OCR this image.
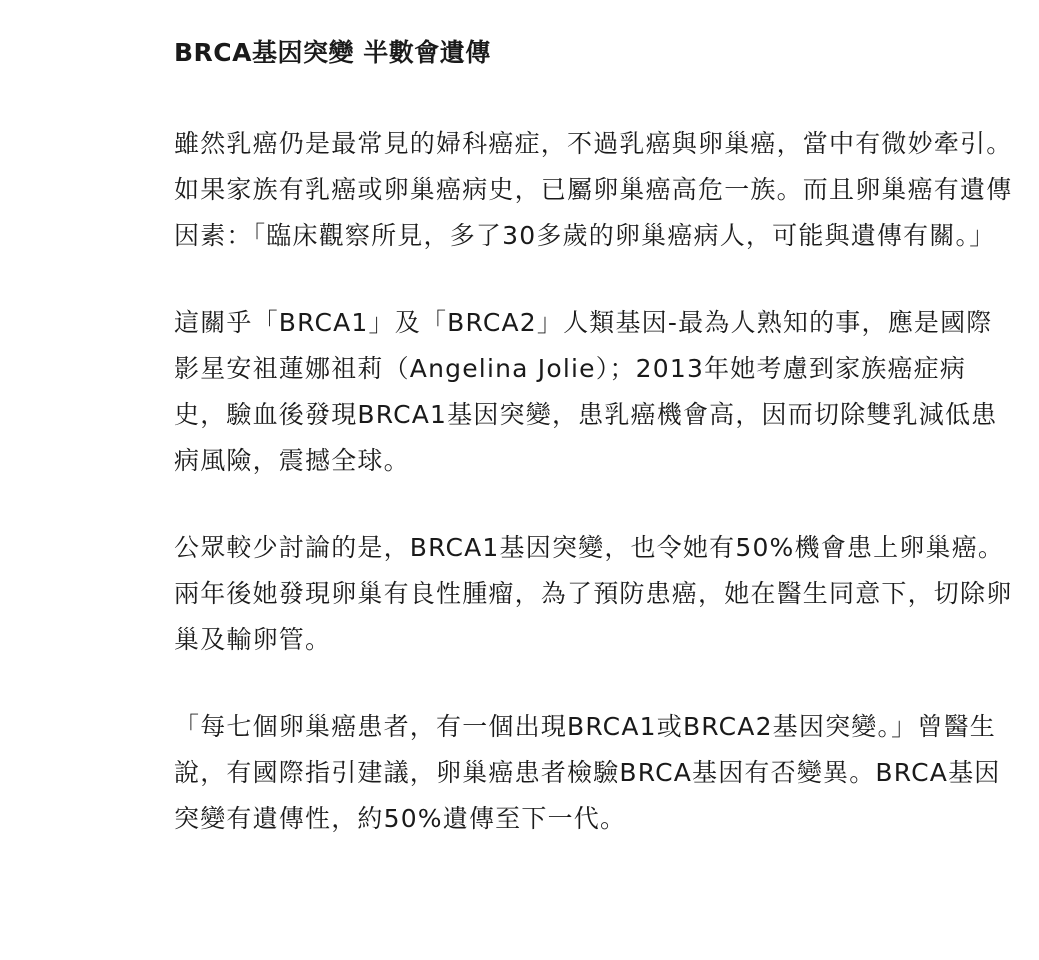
BRCA基因突變 半數會遺傳

雖然乳癌仍是最常見的婦科癌症，不過乳癌與卵巢癌，當中有微妙牽引。如果家族有乳癌或卵巢癌病史，已屬卵巢癌高危一族。而且卵巢癌有遺傳因素：「臨床觀察所見，多了30多歲的卵巢癌病人，可能與遺傳有關。」

這關乎「BRCA1」及「BRCA2」人類基因-最為人熟知的事，應是國際影星安祖蓮娜祖莉（Angelina Jolie）；2013年她考慮到家族癌症病史，驗血後發現BRCA1基因突變，患乳癌機會高，因而切除雙乳減低患病風險，震撼全球。

公眾較少討論的是，BRCA1基因突變，也令她有50%機會患上卵巢癌。兩年後她發現卵巢有良性腫瘤，為了預防患癌，她在醫生同意下，切除卵巢及輸卵管。

「每七個卵巢癌患者，有一個出現BRCA1或BRCA2基因突變。」曾醫生說，有國際指引建議，卵巢癌患者檢驗BRCA基因有否變異。BRCA基因突變有遺傳性，約50%遺傳至下一代。
